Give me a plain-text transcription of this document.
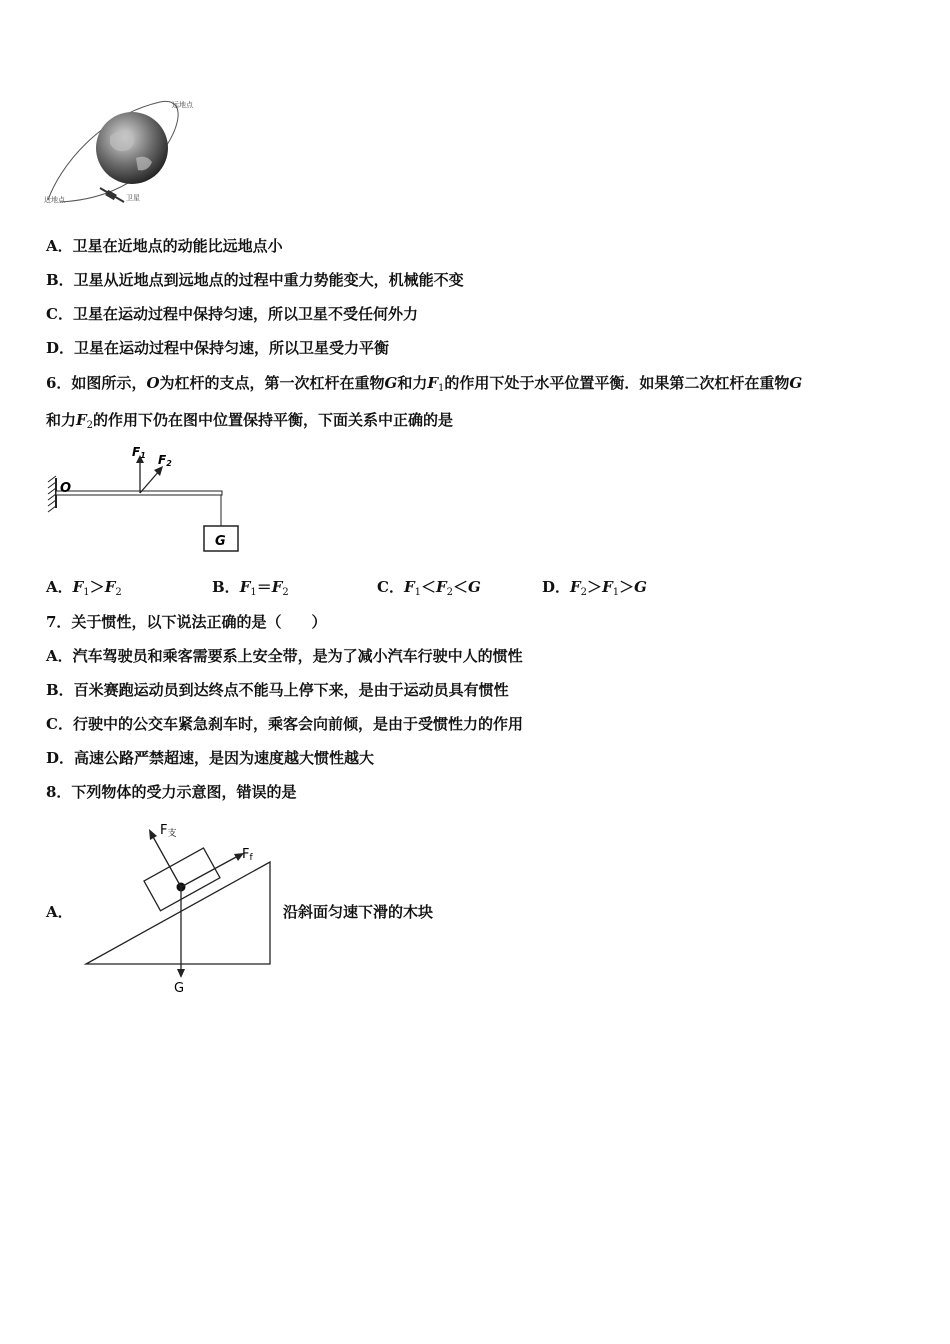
远地点
近地点	卫星
A．卫星在近地点的动能比远地点小
B．卫星从近地点到远地点的过程中重力势能变大，机械能不变
C．卫星在运动过程中保持匀速，所以卫星不受任何外力
D．卫星在运动过程中保持匀速，所以卫星受力平衡
6．如图所示，O为杠杆的支点，第一次杠杆在重物G和力$F_1$的作用下处于水平位置平衡．如果第二次杠杆在重物G
和力$F_2$的作用下仍在图中位置保持平衡，下面关系中正确的是
G
O
F1 F2
A．$F_1>F_2$	B．$F_1=F_2$	C．$F_1<F_2<G$	D．$F_2>F_1>G$
7．关于惯性，以下说法正确的是（　　）
A．汽车驾驶员和乘客需要系上安全带，是为了减小汽车行驶中人的惯性
B．百米赛跑运动员到达终点不能马上停下来，是由于运动员具有惯性
C．行驶中的公交车紧急刹车时，乘客会向前倾，是由于受惯性力的作用
D．高速公路严禁超速，是因为速度越大惯性越大
8．下列物体的受力示意图，错误的是
A．
F支
Ff
G
沿斜面匀速下滑的木块
